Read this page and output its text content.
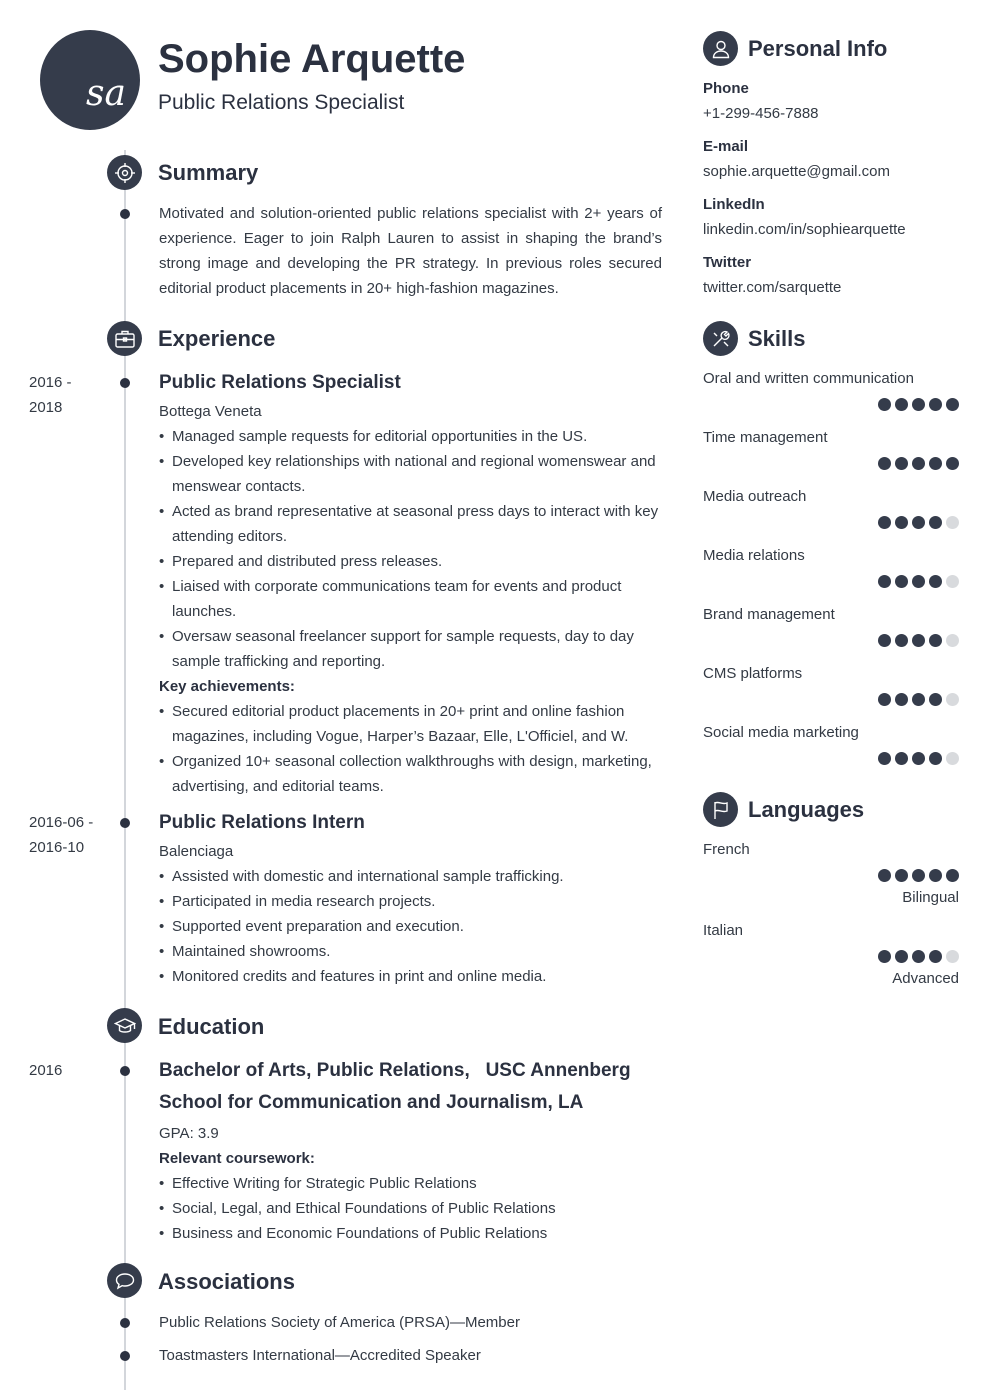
sa
Sophie Arquette
Public Relations Specialist
Summary
Motivated and solution-oriented public relations specialist with 2+ years of experience. Eager to join Ralph Lauren to assist in shaping the brand’s strong image and developing the PR strategy. In previous roles secured editorial product placements in 20+ high-fashion magazines.
Experience
2016 - 2018
Public Relations Specialist
Bottega Veneta
• Managed sample requests for editorial opportunities in the US.
• Developed key relationships with national and regional womenswear and menswear contacts.
• Acted as brand representative at seasonal press days to interact with key attending editors.
• Prepared and distributed press releases.
• Liaised with corporate communications team for events and product launches.
• Oversaw seasonal freelancer support for sample requests, day to day sample trafficking and reporting.
Key achievements:
• Secured editorial product placements in 20+ print and online fashion magazines, including Vogue, Harper’s Bazaar, Elle, L'Officiel, and W.
• Organized 10+ seasonal collection walkthroughs with design, marketing, advertising, and editorial teams.
2016-06 - 2016-10
Public Relations Intern
Balenciaga
• Assisted with domestic and international sample trafficking.
• Participated in media research projects.
• Supported event preparation and execution.
• Maintained showrooms.
• Monitored credits and features in print and online media.
Education
2016	Bachelor of Arts, Public Relations,   USC Annenberg School for Communication and Journalism, LA
GPA: 3.9
Relevant coursework:
• Effective Writing for Strategic Public Relations
• Social, Legal, and Ethical Foundations of Public Relations
• Business and Economic Foundations of Public Relations
Associations
Public Relations Society of America (PRSA)—Member
Toastmasters International—Accredited Speaker
Personal Info
Phone
+1-299-456-7888
E-mail
sophie.arquette@gmail.com
LinkedIn
linkedin.com/in/sophiearquette
Twitter
twitter.com/sarquette
Skills
Oral and written communication
Time management
Media outreach
Media relations
Brand management
CMS platforms
Social media marketing
Languages
French
Bilingual
Italian
Advanced
